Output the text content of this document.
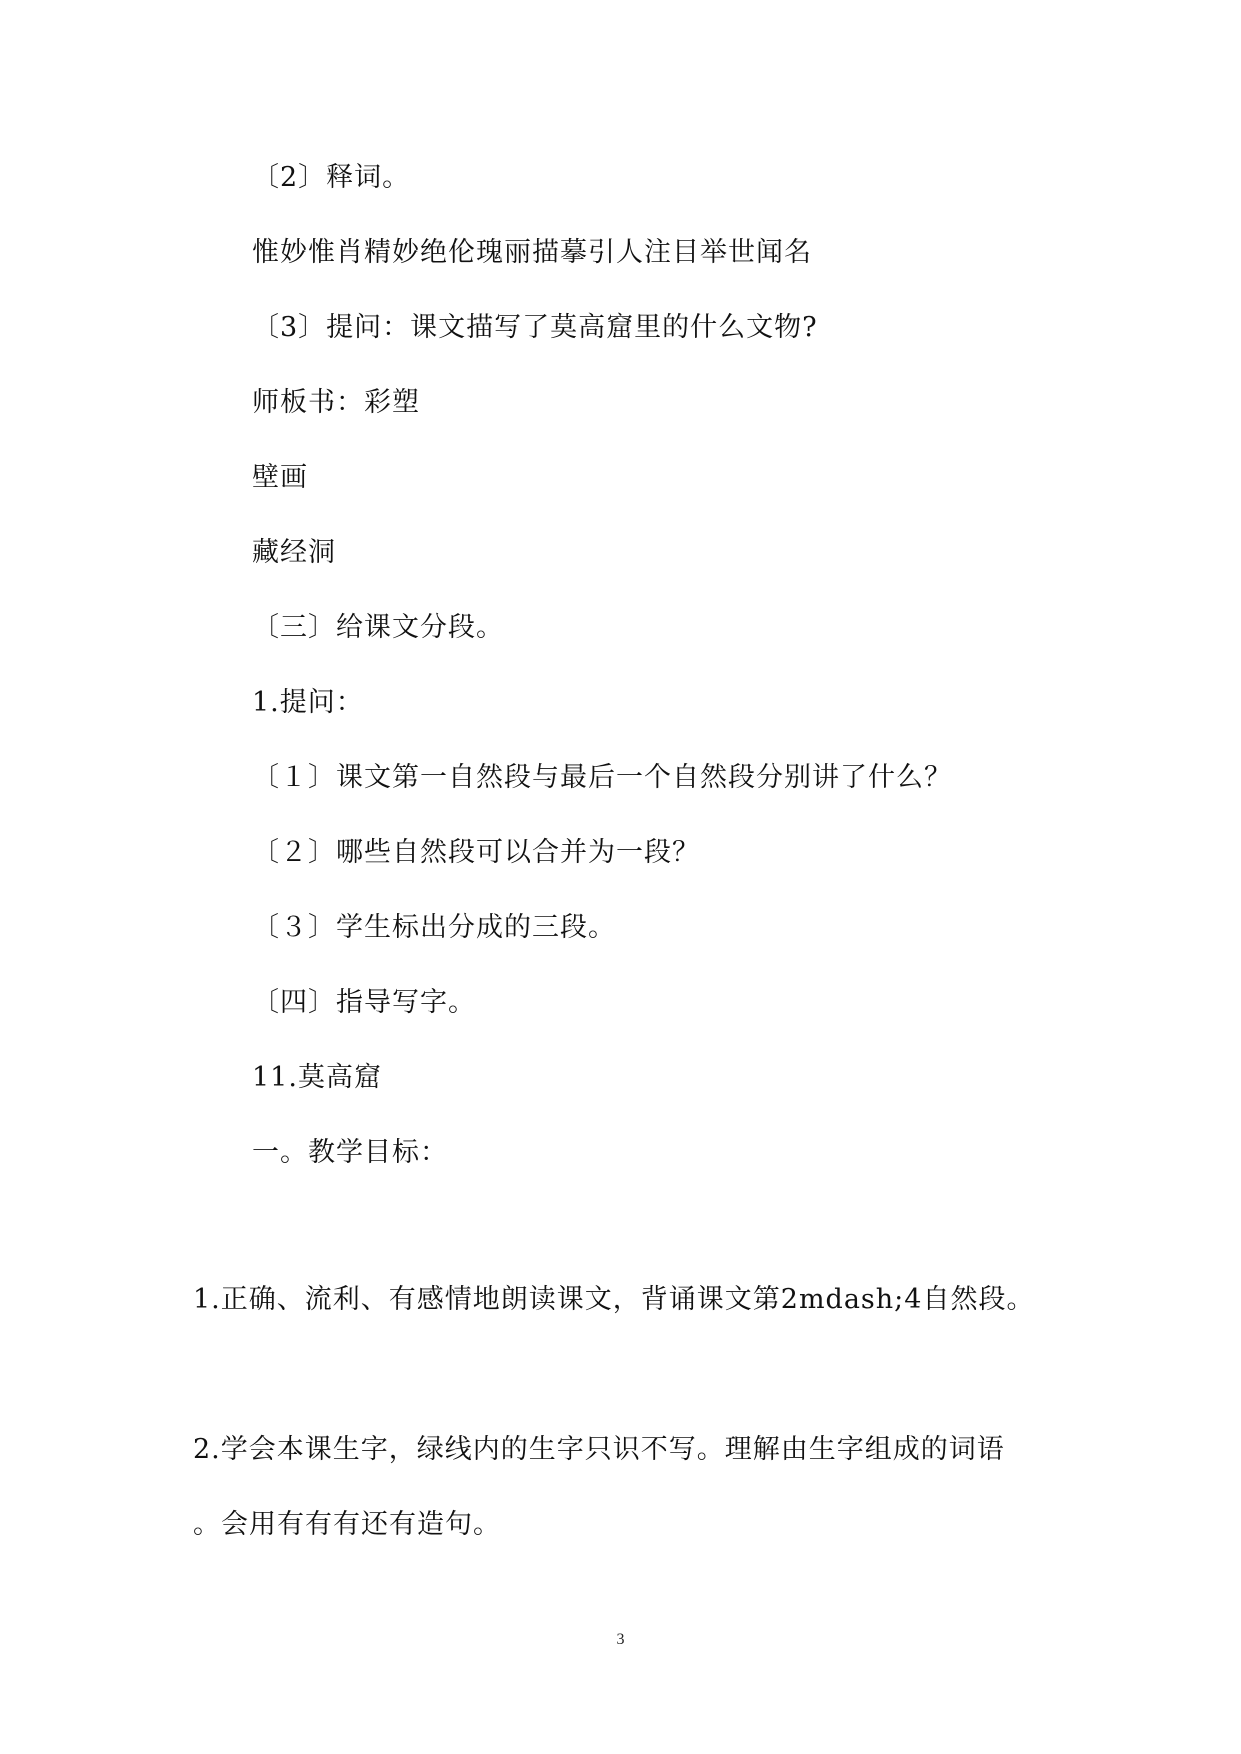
〔2〕释词。
惟妙惟肖精妙绝伦瑰丽描摹引人注目举世闻名
〔3〕提问：课文描写了莫高窟里的什么文物?
师板书：彩塑
壁画
藏经洞
〔三〕给课文分段。
1.提问：
〔１〕课文第一自然段与最后一个自然段分别讲了什么？
〔２〕哪些自然段可以合并为一段？
〔３〕学生标出分成的三段。
〔四〕指导写字。
11.莫高窟
一。教学目标：
1.正确、流利、有感情地朗读课文，背诵课文第2mdash;4自然段。
2.学会本课生字，绿线内的生字只识不写。理解由生字组成的词语
。会用有有有还有造句。
3
